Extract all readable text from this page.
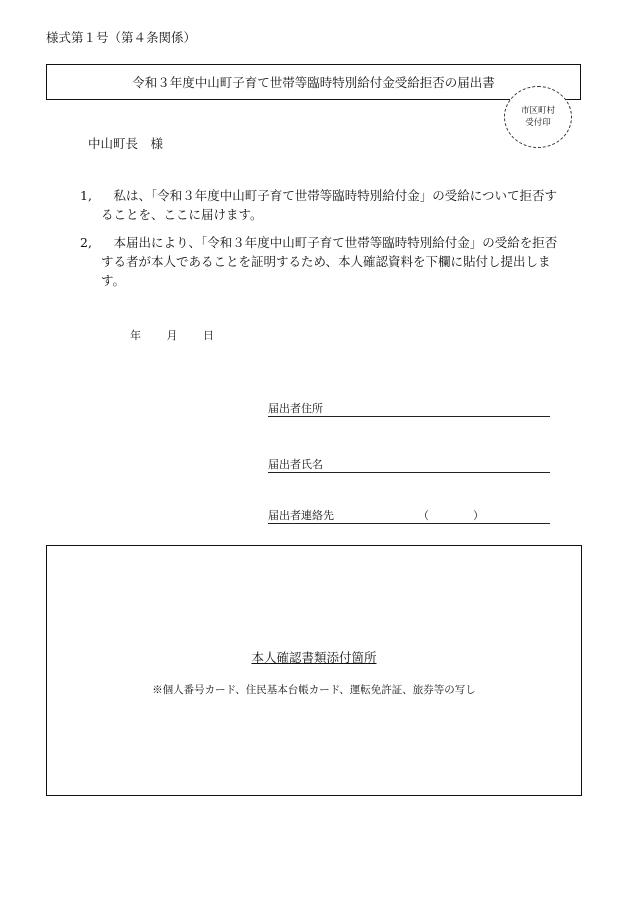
様式第１号（第４条関係）
令和３年度中山町子育て世帯等臨時特別給付金受給拒否の届出書
市区町村
受付印
中山町長　様
1, 　私は、「令和３年度中山町子育て世帯等臨時特別給付金」の受給について拒否することを、ここに届けます。
2, 　本届出により、「令和３年度中山町子育て世帯等臨時特別給付金」の受給を拒否する者が本人であることを証明するため、本人確認資料を下欄に貼付し提出します。
年 月 日
届出者住所
届出者氏名
届出者連絡先	（　　　　）
本人確認書類添付箇所
※個人番号カード、住民基本台帳カード、運転免許証、旅券等の写し
